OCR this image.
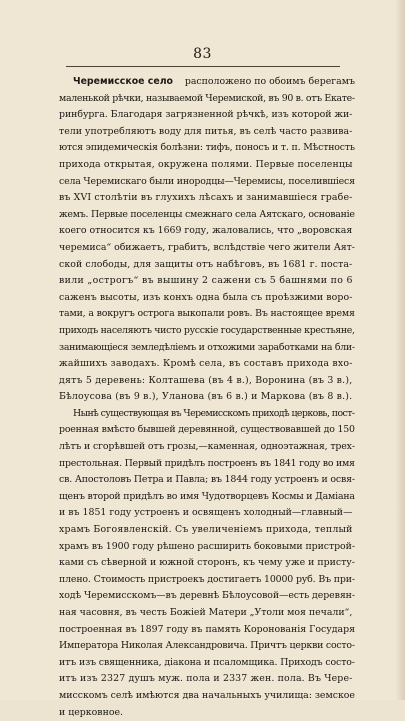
83
Черемисское село расположено по обоимъ берегамъ
маленькой рѣчки, называемой Черемиской, въ 90 в. отъ Екате-
ринбурга. Благодаря загрязненной рѣчкѣ, изъ которой жи-
тели употребляютъ воду для питья, въ селѣ часто развива-
ются эпидемическія болѣзни: тифъ, поносъ и т. п. Мѣстность
прихода открытая, окружена полями. Первые поселенцы
села Черемискаго были инородцы—Черемисы, поселившіеся
въ XVI столѣтіи въ глухихъ лѣсахъ и занимавшіеся грабе-
жемъ. Первые поселенцы смежнаго села Аятскаго, основаніе
коего относится къ 1669 году, жаловались, что „воровская
черемиса“ обижаетъ, грабитъ, вслѣдствіе чего жители Аят-
ской слободы, для защиты отъ набѣговъ, въ 1681 г. поста-
вили „острогъ“ въ вышину 2 сажени съ 5 башнями по 6
саженъ высоты, изъ конхъ одна была съ проѣзжими воро-
тами, а вокругъ острога выкопали ровъ. Въ настоящее время
приходъ населяютъ чисто русскіе государственные крестьяне,
занимающіеся земледѣліемъ и отхожими заработками на бли-
жайшихъ заводахъ. Кромѣ села, въ составъ прихода вхо-
дятъ 5 деревень: Колташева (въ 4 в.), Воронина (въ 3 в.),
Бѣлоусова (въ 9 в.), Уланова (въ 6 в.) и Маркова (въ 8 в.).
Нынѣ существующая въ Черемисскомъ приходѣ церковь, пост-
роенная вмѣсто бывшей деревянной, существовавшей до 150
лѣтъ и сгорѣвшей отъ грозы,—каменная, одноэтажная, трех-
престольная. Первый придѣлъ построенъ въ 1841 году во имя
св. Апостоловъ Петра и Павла; въ 1844 году устроенъ и освя-
щенъ второй придѣлъ во имя Чудотворцевъ Космы и Даміана
и въ 1851 году устроенъ и освященъ холодный—главный—
храмъ Богоявленскій. Съ увеличеніемъ прихода, теплый
храмъ въ 1900 году рѣшено расширить боковыми пристрой-
ками съ сѣверной и южной сторонъ, къ чему уже и присту-
плено. Стоимость пристроекъ достигаетъ 10000 руб. Въ при-
ходѣ Черемисскомъ—въ деревнѣ Бѣлоусовой—есть деревян-
ная часовня, въ честь Божіей Матери „Утоли моя печали“,
построенная въ 1897 году въ память Коронованія Государя
Императора Николая Александровича. Причтъ церкви состо-
итъ изъ священника, діакона и псаломщика. Приходъ состо-
итъ изъ 2327 душъ муж. пола и 2337 жен. пола. Въ Чере-
мисскомъ селѣ имѣются два начальныхъ училища: земское
и церковное.
